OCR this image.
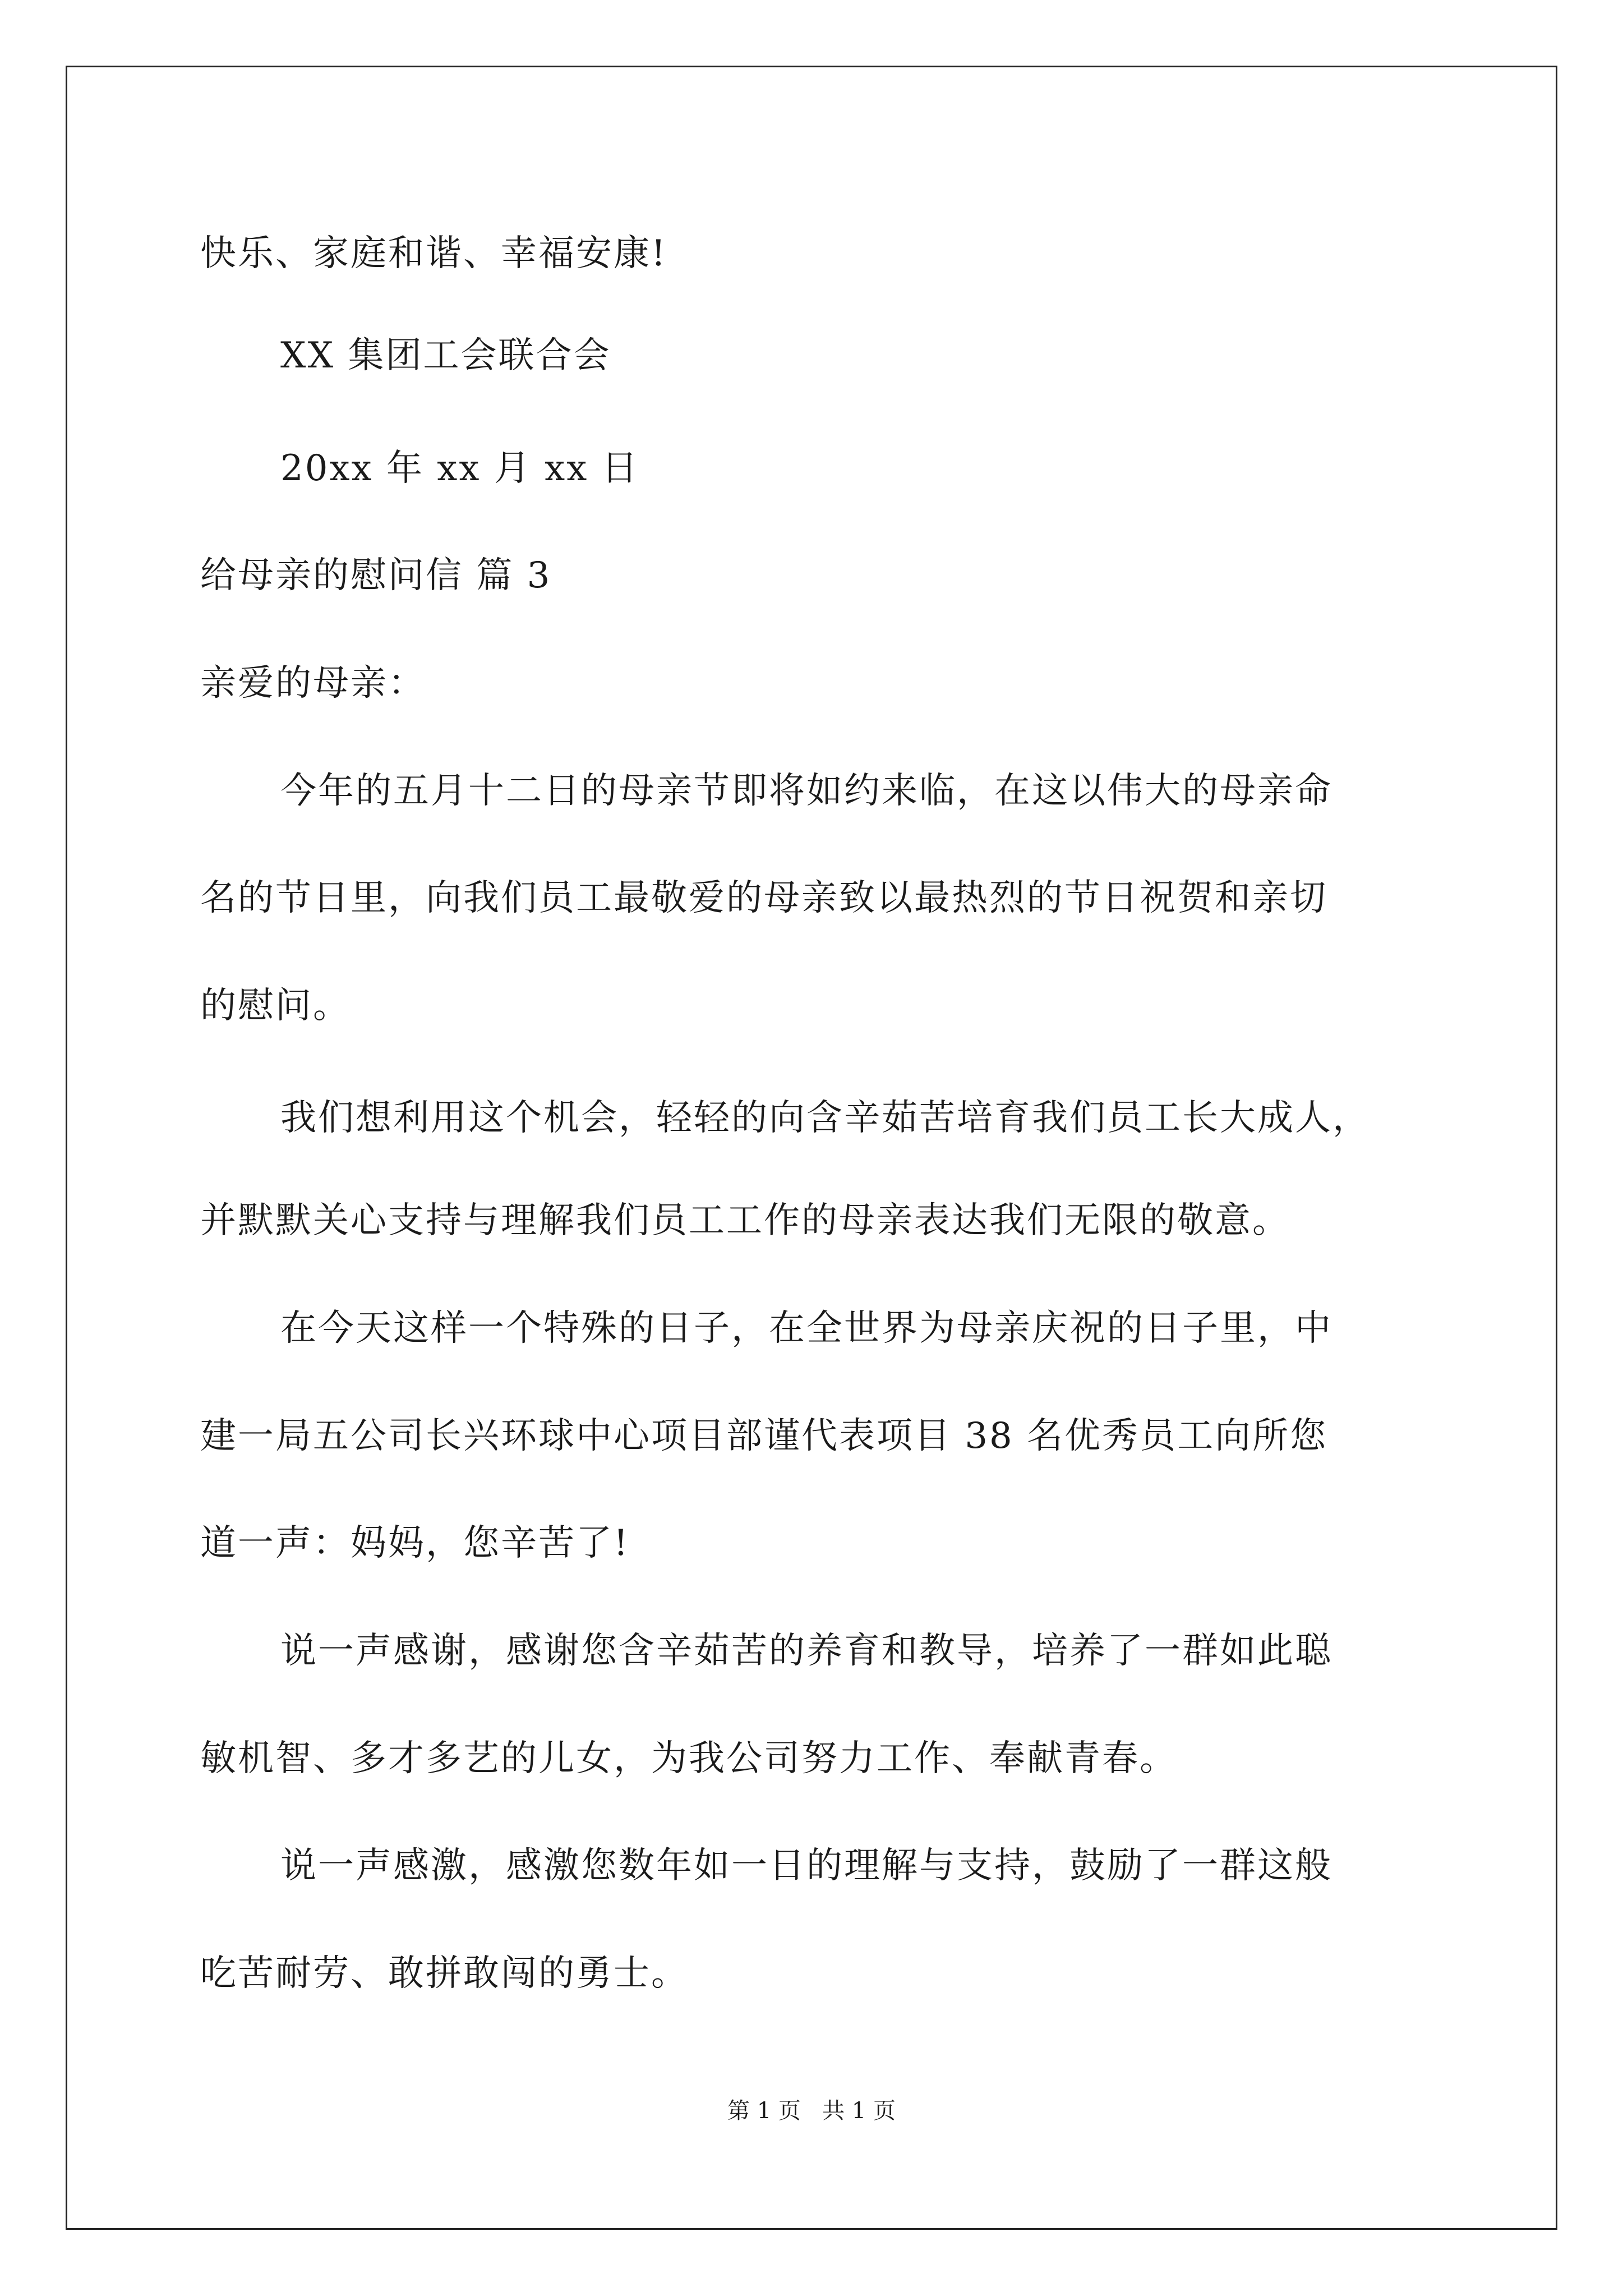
快乐、家庭和谐、幸福安康!
XX 集团工会联合会
20xx 年 xx 月 xx 日
给母亲的慰问信 篇 3
亲爱的母亲：
今年的五月十二日的母亲节即将如约来临，在这以伟大的母亲命
名的节日里，向我们员工最敬爱的母亲致以最热烈的节日祝贺和亲切
的慰问。
我们想利用这个机会，轻轻的向含辛茹苦培育我们员工长大成人，
并默默关心支持与理解我们员工工作的母亲表达我们无限的敬意。
在今天这样一个特殊的日子，在全世界为母亲庆祝的日子里，中
建一局五公司长兴环球中心项目部谨代表项目 38 名优秀员工向所您
道一声：妈妈，您辛苦了!
说一声感谢，感谢您含辛茹苦的养育和教导，培养了一群如此聪
敏机智、多才多艺的儿女，为我公司努力工作、奉献青春。
说一声感激，感激您数年如一日的理解与支持，鼓励了一群这般
吃苦耐劳、敢拼敢闯的勇士。
第 1 页   共 1 页
